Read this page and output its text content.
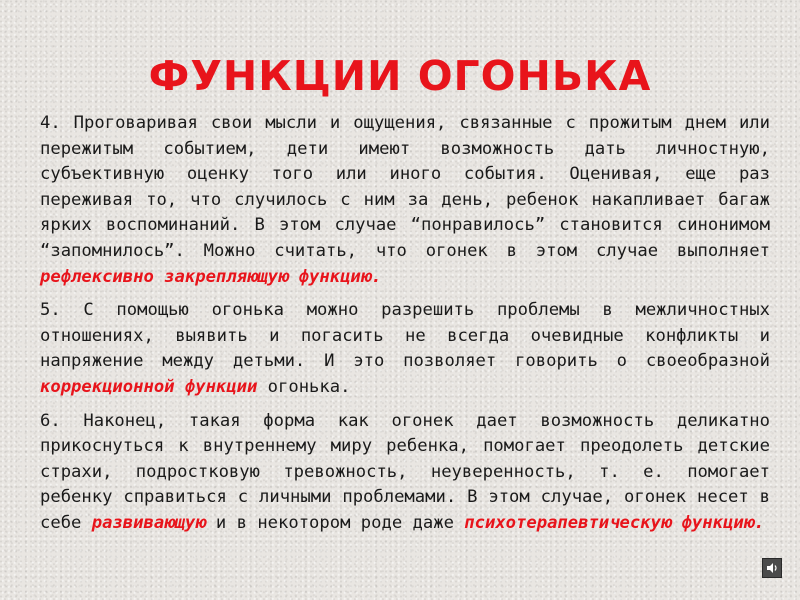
ФУНКЦИИ ОГОНЬКА

4. Проговаривая свои мысли и ощущения, связанные с прожитым днем или пережитым событием, дети имеют возможность дать личностную, субъективную оценку того или иного события. Оценивая, еще раз переживая то, что случилось с ним за день, ребенок накапливает багаж ярких воспоминаний. В этом случае “понравилось” становится синонимом “запомнилось”. Можно считать, что огонек в этом случае выполняет рефлексивно закрепляющую функцию.

5. С помощью огонька можно разрешить проблемы в межличностных отношениях, выявить и погасить не всегда очевидные конфликты и напряжение между детьми. И это позволяет говорить о своеобразной коррекционной функции огонька.

6. Наконец, такая форма как огонек дает возможность деликатно прикоснуться к внутреннему миру ребенка, помогает преодолеть детские страхи, подростковую тревожность, неуверенность, т. е. помогает ребенку справиться с личными проблемами. В этом случае, огонек несет в себе развивающую и в некотором роде даже психотерапевтическую функцию.
